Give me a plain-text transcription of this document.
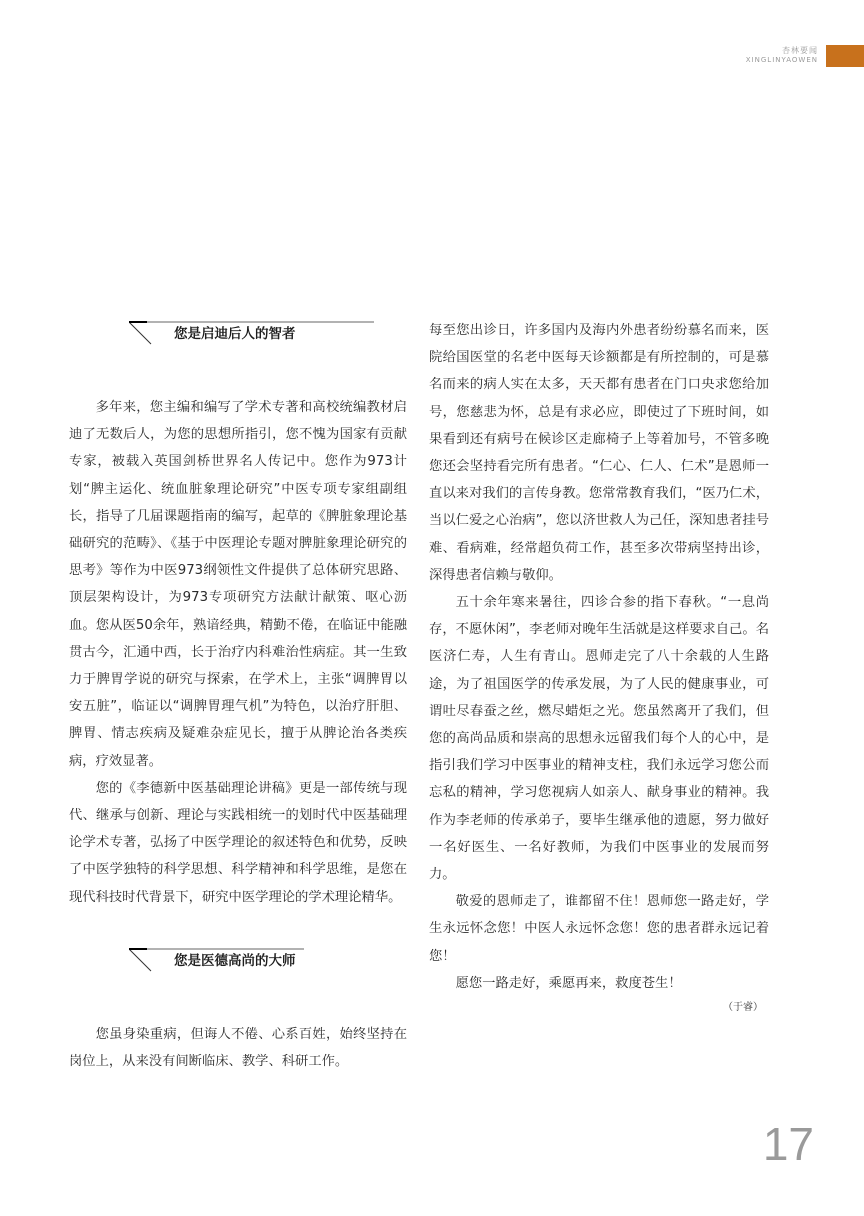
杏林要闻
XINGLINYAOWEN
您是启迪后人的智者

多年来，您主编和编写了学术专著和高校统编教材启迪了无数后人，为您的思想所指引，您不愧为国家有贡献专家，被载入英国剑桥世界名人传记中。您作为973计划“脾主运化、统血脏象理论研究”中医专项专家组副组长，指导了几届课题指南的编写，起草的《脾脏象理论基础研究的范畴》、《基于中医理论专题对脾脏象理论研究的思考》等作为中医973纲领性文件提供了总体研究思路、顶层架构设计，为973专项研究方法献计献策、呕心沥血。您从医50余年，熟谙经典，精勤不倦，在临证中能融贯古今，汇通中西，长于治疗内科难治性病症。其一生致力于脾胃学说的研究与探索，在学术上，主张“调脾胃以安五脏”，临证以“调脾胃理气机”为特色，以治疗肝胆、脾胃、情志疾病及疑难杂症见长，擅于从脾论治各类疾病，疗效显著。

您的《李德新中医基础理论讲稿》更是一部传统与现代、继承与创新、理论与实践相统一的划时代中医基础理论学术专著，弘扬了中医学理论的叙述特色和优势，反映了中医学独特的科学思想、科学精神和科学思维，是您在现代科技时代背景下，研究中医学理论的学术理论精华。

您是医德高尚的大师

您虽身染重病，但诲人不倦、心系百姓，始终坚持在岗位上，从来没有间断临床、教学、科研工作。

每至您出诊日，许多国内及海内外患者纷纷慕名而来，医院给国医堂的名老中医每天诊额都是有所控制的，可是慕名而来的病人实在太多，天天都有患者在门口央求您给加号，您慈悲为怀，总是有求必应，即使过了下班时间，如果看到还有病号在候诊区走廊椅子上等着加号，不管多晚您还会坚持看完所有患者。“仁心、仁人、仁术”是恩师一直以来对我们的言传身教。您常常教育我们，“医乃仁术，当以仁爱之心治病”，您以济世救人为己任，深知患者挂号难、看病难，经常超负荷工作，甚至多次带病坚持出诊，深得患者信赖与敬仰。

五十余年寒来暑往，四诊合参的指下春秋。“一息尚存，不愿休闲”，李老师对晚年生活就是这样要求自己。名医济仁寿，人生有青山。恩师走完了八十余载的人生路途，为了祖国医学的传承发展，为了人民的健康事业，可谓吐尽春蚕之丝，燃尽蜡炬之光。您虽然离开了我们，但您的高尚品质和崇高的思想永远留我们每个人的心中，是指引我们学习中医事业的精神支柱，我们永远学习您公而忘私的精神，学习您视病人如亲人、献身事业的精神。我作为李老师的传承弟子，要毕生继承他的遗愿，努力做好一名好医生、一名好教师，为我们中医事业的发展而努力。

敬爱的恩师走了，谁都留不住！恩师您一路走好，学生永远怀念您！中医人永远怀念您！您的患者群永远记着您！

愿您一路走好，乘愿再来，救度苍生！

（于睿）
17
